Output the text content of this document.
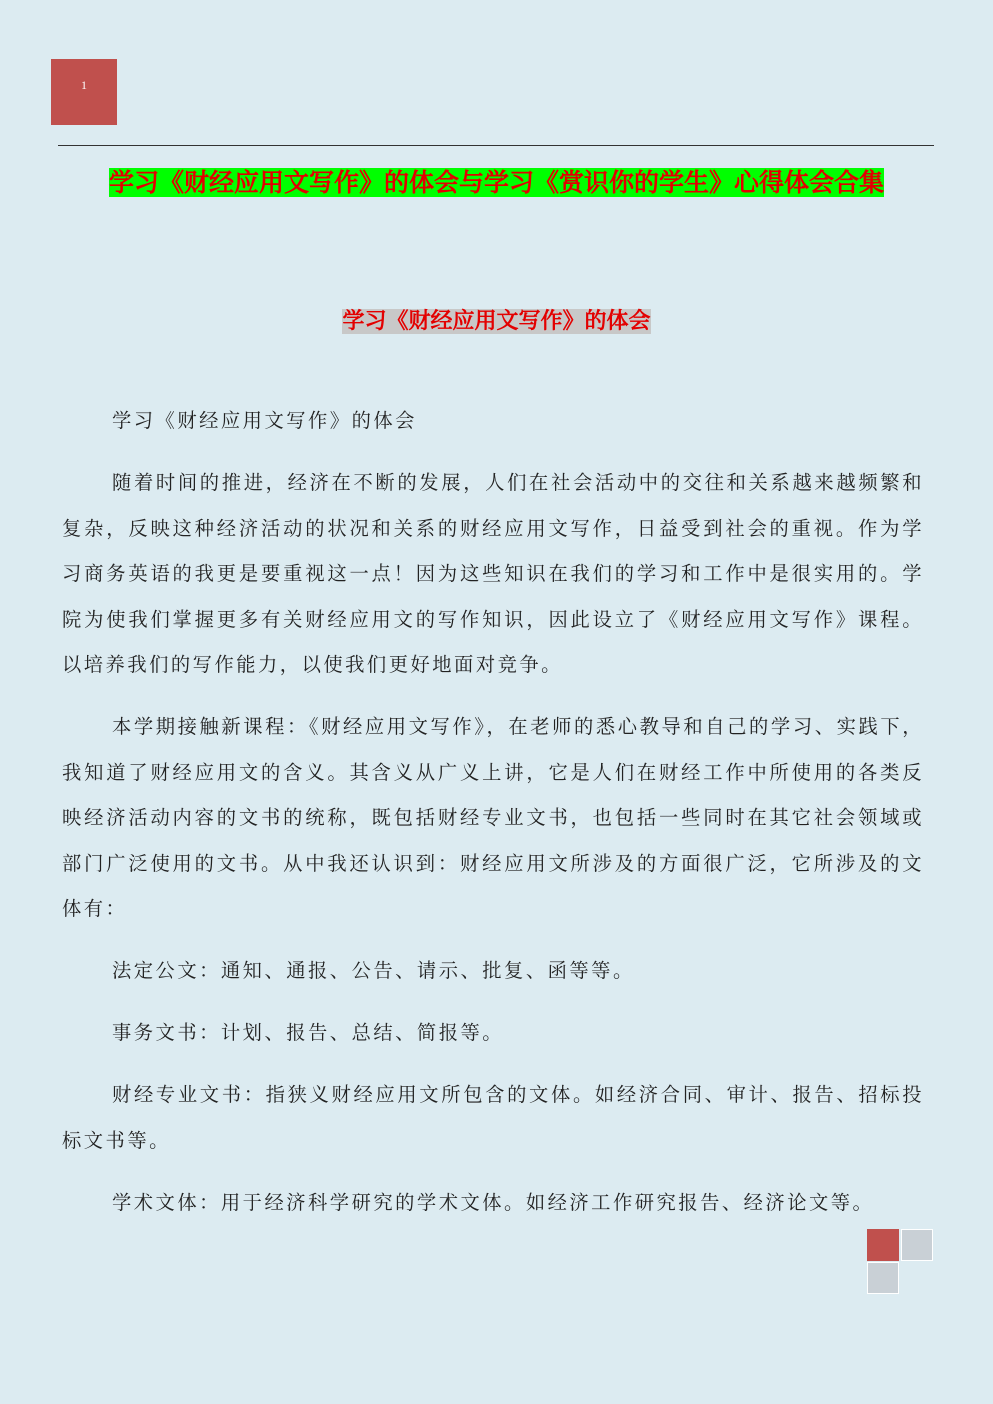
1
学习《财经应用文写作》的体会与学习《赏识你的学生》心得体会合集
学习《财经应用文写作》的体会

学习《财经应用文写作》的体会

随着时间的推进，经济在不断的发展，人们在社会活动中的交往和关系越来越频繁和复杂，反映这种经济活动的状况和关系的财经应用文写作，日益受到社会的重视。作为学习商务英语的我更是要重视这一点！因为这些知识在我们的学习和工作中是很实用的。学院为使我们掌握更多有关财经应用文的写作知识，因此设立了《财经应用文写作》课程。以培养我们的写作能力，以使我们更好地面对竞争。

本学期接触新课程：《财经应用文写作》，在老师的悉心教导和自己的学习、实践下，我知道了财经应用文的含义。其含义从广义上讲，它是人们在财经工作中所使用的各类反映经济活动内容的文书的统称，既包括财经专业文书，也包括一些同时在其它社会领域或部门广泛使用的文书。从中我还认识到：财经应用文所涉及的方面很广泛，它所涉及的文体有：

法定公文：通知、通报、公告、请示、批复、函等等。

事务文书：计划、报告、总结、简报等。

财经专业文书：指狭义财经应用文所包含的文体。如经济合同、审计、报告、招标投标文书等。

学术文体：用于经济科学研究的学术文体。如经济工作研究报告、经济论文等。
